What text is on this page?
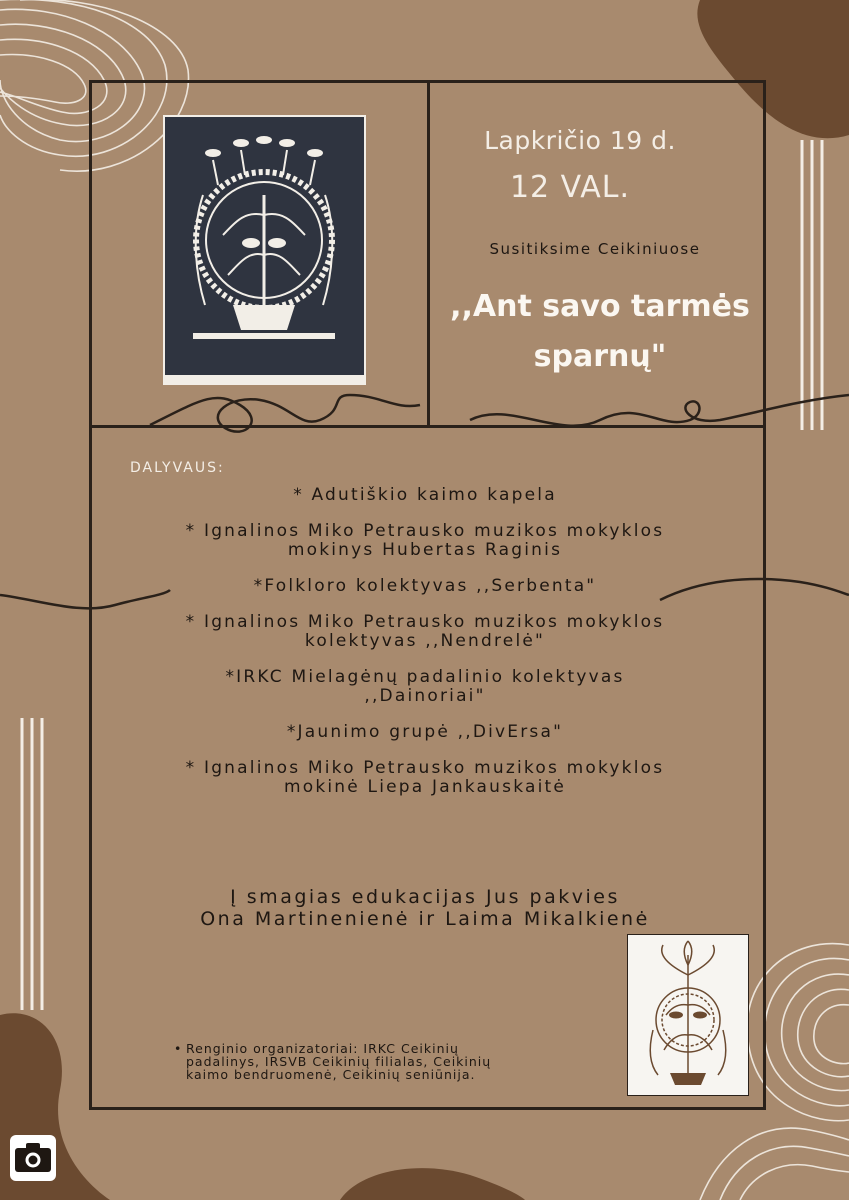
Lapkričio 19 d.
12 VAL.
Susitiksime Ceikiniuose
,,Ant savo tarmės
sparnų"
DALYVAUS:
* Adutiškio kaimo kapela
* Ignalinos Miko Petrausko muzikos mokyklos
mokinys Hubertas Raginis
*Folkloro kolektyvas ,,Serbenta"
* Ignalinos Miko Petrausko muzikos mokyklos
kolektyvas ,,Nendrelė"
*IRKC Mielagėnų padalinio kolektyvas
,,Dainoriai"
*Jaunimo grupė ,,DivErsa"
* Ignalinos Miko Petrausko muzikos mokyklos
mokinė Liepa Jankauskaitė
Į smagias edukacijas Jus pakvies
Ona Martinenienė ir Laima Mikalkienė
• Renginio organizatoriai: IRKC Ceikinių
padalinys, IRSVB Ceikinių filialas, Ceikinių
kaimo bendruomenė, Ceikinių seniūnija.
